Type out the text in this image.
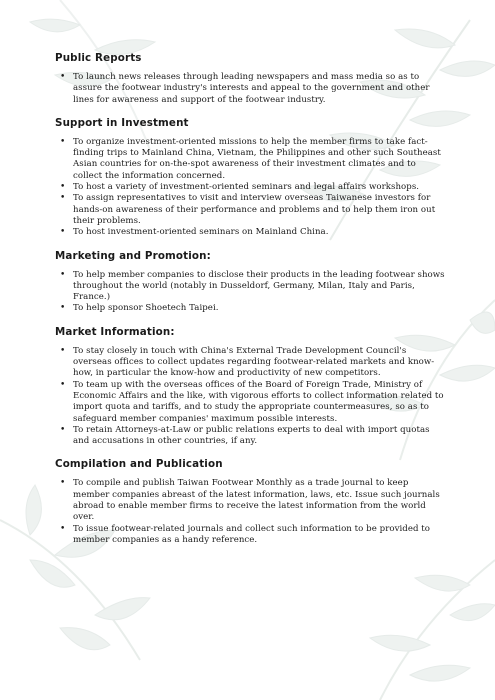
Public Reports
• To launch news releases through leading newspapers and mass media so as to assure the footwear industry's interests and appeal to the government and other lines for awareness and support of the footwear industry.
Support in Investment
• To organize investment-oriented missions to help the member firms to take fact-finding trips to Mainland China, Vietnam, the Philippines and other such Southeast Asian countries for on-the-spot awareness of their investment climates and to collect the information concerned.
• To host a variety of investment-oriented seminars and legal affairs workshops.
• To assign representatives to visit and interview overseas Taiwanese investors for hands-on awareness of their performance and problems and to help them iron out their problems.
• To host investment-oriented seminars on Mainland China.
Marketing and Promotion:
• To help member companies to disclose their products in the leading footwear shows throughout the world (notably in Dusseldorf, Germany, Milan, Italy and Paris, France.)
• To help sponsor Shoetech Taipei.
Market Information:
• To stay closely in touch with China's External Trade Development Council's overseas offices to collect updates regarding footwear-related markets and know-how, in particular the know-how and productivity of new competitors.
• To team up with the overseas offices of the Board of Foreign Trade, Ministry of Economic Affairs and the like, with vigorous efforts to collect information related to import quota and tariffs, and to study the appropriate countermeasures, so as to safeguard member companies' maximum possible interests.
• To retain Attorneys-at-Law or public relations experts to deal with import quotas and accusations in other countries, if any.
Compilation and Publication
• To compile and publish Taiwan Footwear Monthly as a trade journal to keep member companies abreast of the latest information, laws, etc. Issue such journals abroad to enable member firms to receive the latest information from the world over.
• To issue footwear-related journals and collect such information to be provided to member companies as a handy reference.
